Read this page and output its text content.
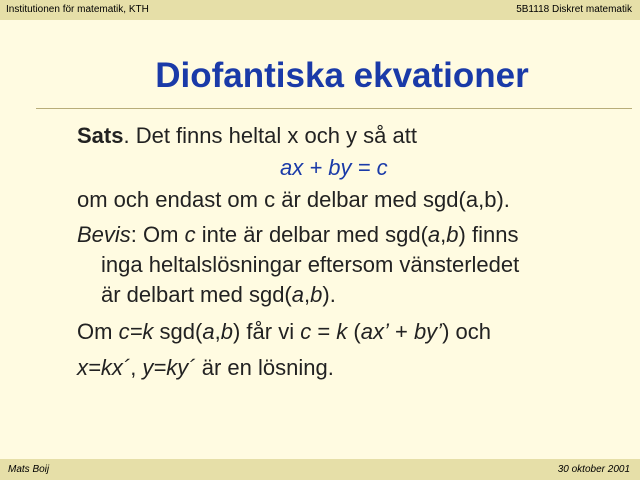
Institutionen för matematik, KTH	5B1118 Diskret matematik
Diofantiska ekvationer
Sats. Det finns heltal x och y så att
ax + by = c
om och endast om c är delbar med sgd(a,b).
Bevis: Om c inte är delbar med sgd(a,b) finns
inga heltalslösningar eftersom vänsterledet
är delbart med sgd(a,b).
Om c=k sgd(a,b) får vi c = k (ax’ + by’) och
x=kx´, y=ky´ är en lösning.
Mats Boij	30 oktober 2001
